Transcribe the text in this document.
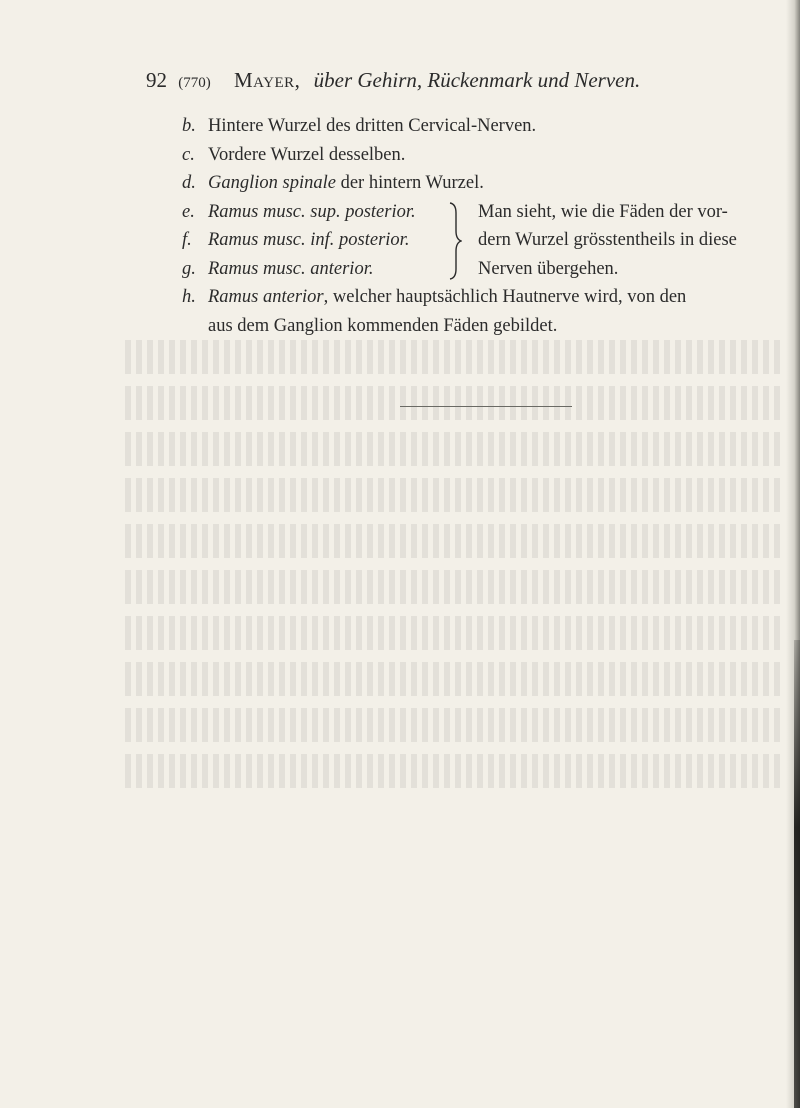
92 (770) Mayer, über Gehirn, Rückenmark und Nerven.
b. Hintere Wurzel des dritten Cervical-Nerven.
c. Vordere Wurzel desselben.
d. Ganglion spinale der hintern Wurzel.
e. Ramus musc. sup. posterior.
f. Ramus musc. inf. posterior.
g. Ramus musc. anterior.
Man sieht, wie die Fäden der vor-
dern Wurzel grösstentheils in diese
Nerven übergehen.
h. Ramus anterior, welcher hauptsächlich Hautnerve wird, von den
aus dem Ganglion kommenden Fäden gebildet.
